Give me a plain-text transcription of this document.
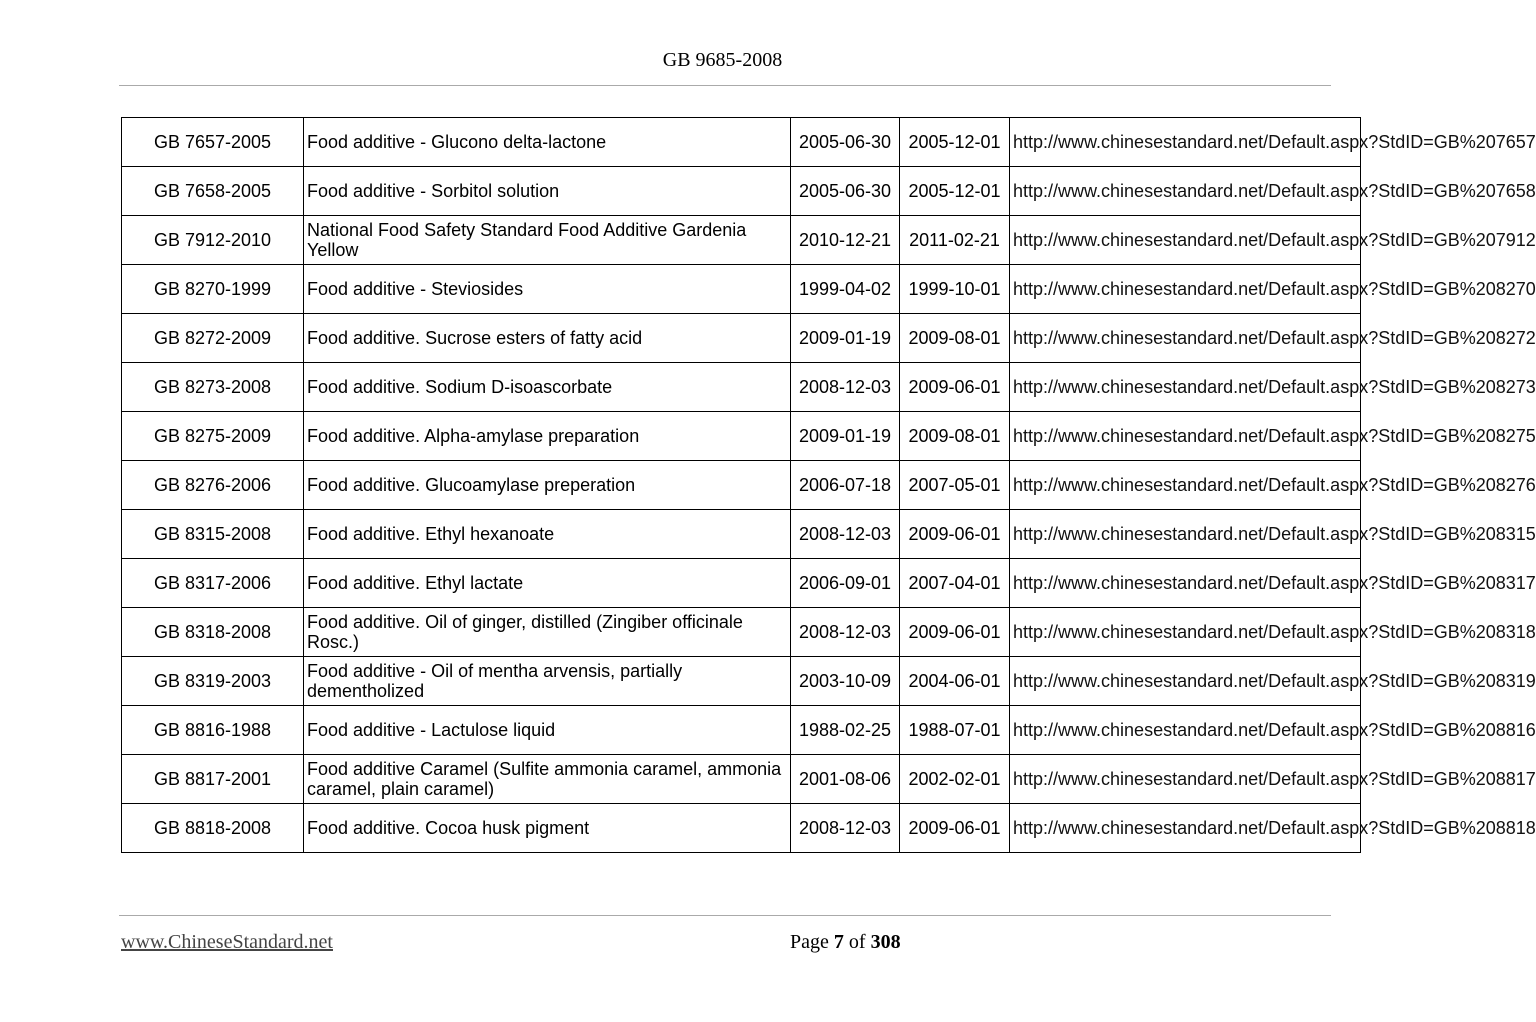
GB 9685-2008
GB 7657-2005	Food additive - Glucono delta-lactone	2005-06-30	2005-12-01	http://www.chinesestandard.net/Default.aspx?StdID=GB%207657
GB 7658-2005	Food additive - Sorbitol solution	2005-06-30	2005-12-01	http://www.chinesestandard.net/Default.aspx?StdID=GB%207658
GB 7912-2010	National Food Safety Standard Food Additive Gardenia Yellow	2010-12-21	2011-02-21	http://www.chinesestandard.net/Default.aspx?StdID=GB%207912
GB 8270-1999	Food additive - Steviosides	1999-04-02	1999-10-01	http://www.chinesestandard.net/Default.aspx?StdID=GB%208270
GB 8272-2009	Food additive. Sucrose esters of fatty acid	2009-01-19	2009-08-01	http://www.chinesestandard.net/Default.aspx?StdID=GB%208272
GB 8273-2008	Food additive. Sodium D-isoascorbate	2008-12-03	2009-06-01	http://www.chinesestandard.net/Default.aspx?StdID=GB%208273
GB 8275-2009	Food additive. Alpha-amylase preparation	2009-01-19	2009-08-01	http://www.chinesestandard.net/Default.aspx?StdID=GB%208275
GB 8276-2006	Food additive. Glucoamylase preperation	2006-07-18	2007-05-01	http://www.chinesestandard.net/Default.aspx?StdID=GB%208276
GB 8315-2008	Food additive. Ethyl hexanoate	2008-12-03	2009-06-01	http://www.chinesestandard.net/Default.aspx?StdID=GB%208315
GB 8317-2006	Food additive. Ethyl lactate	2006-09-01	2007-04-01	http://www.chinesestandard.net/Default.aspx?StdID=GB%208317
GB 8318-2008	Food additive. Oil of ginger, distilled (Zingiber officinale Rosc.)	2008-12-03	2009-06-01	http://www.chinesestandard.net/Default.aspx?StdID=GB%208318
GB 8319-2003	Food additive - Oil of mentha arvensis, partially dementholized	2003-10-09	2004-06-01	http://www.chinesestandard.net/Default.aspx?StdID=GB%208319
GB 8816-1988	Food additive - Lactulose liquid	1988-02-25	1988-07-01	http://www.chinesestandard.net/Default.aspx?StdID=GB%208816
GB 8817-2001	Food additive Caramel (Sulfite ammonia caramel, ammonia caramel, plain caramel)	2001-08-06	2002-02-01	http://www.chinesestandard.net/Default.aspx?StdID=GB%208817
GB 8818-2008	Food additive. Cocoa husk pigment	2008-12-03	2009-06-01	http://www.chinesestandard.net/Default.aspx?StdID=GB%208818
www.ChineseStandard.net	Page 7 of 308
